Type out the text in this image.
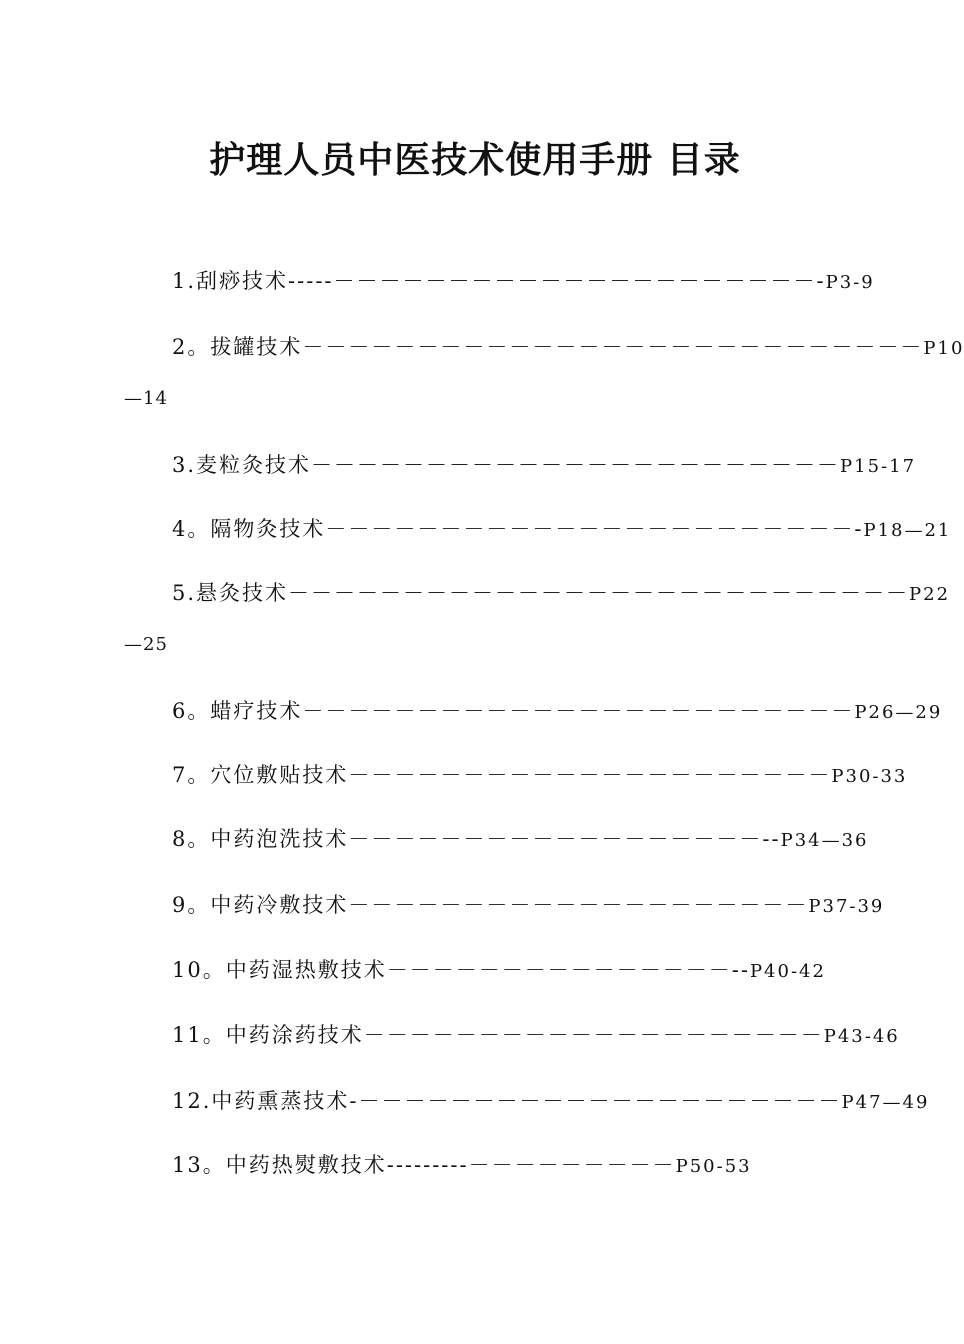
护理人员中医技术使用手册 目录
1.刮痧技术-----－－－－－－－－－－－－－－－－－－－－－-P3-9
2。拔罐技术－－－－－－－－－－－－－－－－－－－－－－－－－－－P10
—14
3.麦粒灸技术－－－－－－－－－－－－－－－－－－－－－－－P15-17
4。隔物灸技术－－－－－－－－－－－－－－－－－－－－－－－-P18—21
5.悬灸技术－－－－－－－－－－－－－－－－－－－－－－－－－－－P22
—25
6。蜡疗技术－－－－－－－－－－－－－－－－－－－－－－－－P26—29
7。穴位敷贴技术－－－－－－－－－－－－－－－－－－－－－P30-33
8。中药泡洗技术－－－－－－－－－－－－－－－－－－--P34—36
9。中药冷敷技术－－－－－－－－－－－－－－－－－－－－P37-39
10。中药湿热敷技术－－－－－－－－－－－－－－－--P40-42
11。中药涂药技术－－－－－－－－－－－－－－－－－－－－P43-46
12.中药熏蒸技术-－－－－－－－－－－－－－－－－－－－－－P47—49
13。中药热熨敷技术---------－－－－－－－－－P50-53
